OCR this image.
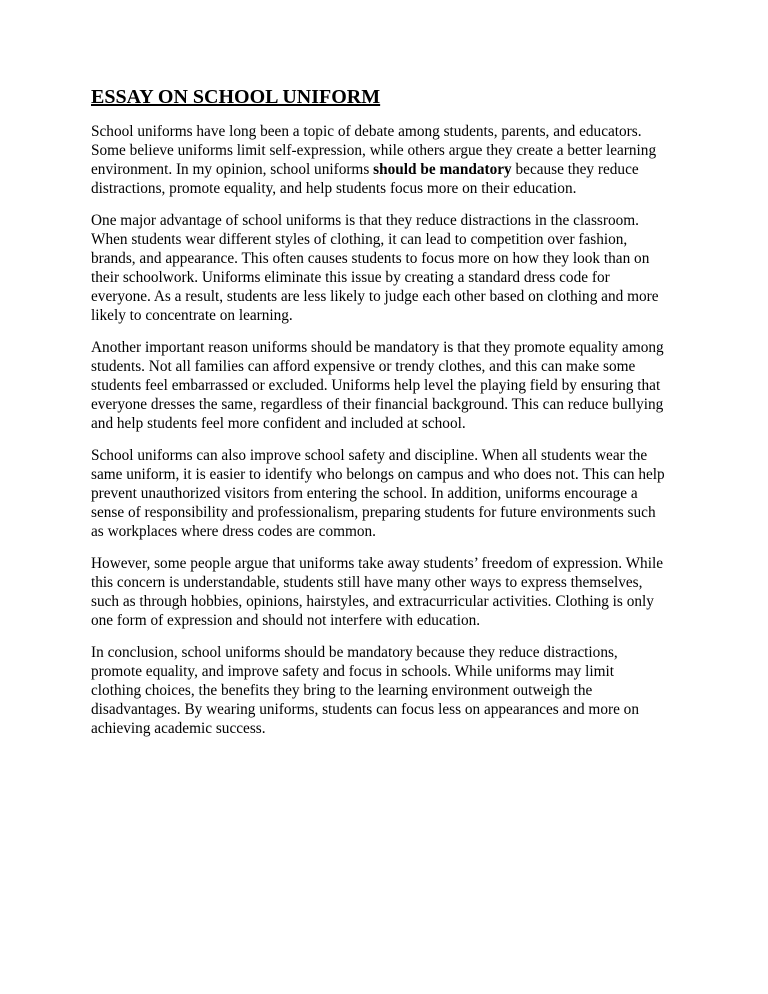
ESSAY ON SCHOOL UNIFORM

School uniforms have long been a topic of debate among students, parents, and educators.
Some believe uniforms limit self-expression, while others argue they create a better learning
environment. In my opinion, school uniforms should be mandatory because they reduce
distractions, promote equality, and help students focus more on their education.

One major advantage of school uniforms is that they reduce distractions in the classroom.
When students wear different styles of clothing, it can lead to competition over fashion,
brands, and appearance. This often causes students to focus more on how they look than on
their schoolwork. Uniforms eliminate this issue by creating a standard dress code for
everyone. As a result, students are less likely to judge each other based on clothing and more
likely to concentrate on learning.

Another important reason uniforms should be mandatory is that they promote equality among
students. Not all families can afford expensive or trendy clothes, and this can make some
students feel embarrassed or excluded. Uniforms help level the playing field by ensuring that
everyone dresses the same, regardless of their financial background. This can reduce bullying
and help students feel more confident and included at school.

School uniforms can also improve school safety and discipline. When all students wear the
same uniform, it is easier to identify who belongs on campus and who does not. This can help
prevent unauthorized visitors from entering the school. In addition, uniforms encourage a
sense of responsibility and professionalism, preparing students for future environments such
as workplaces where dress codes are common.

However, some people argue that uniforms take away students’ freedom of expression. While
this concern is understandable, students still have many other ways to express themselves,
such as through hobbies, opinions, hairstyles, and extracurricular activities. Clothing is only
one form of expression and should not interfere with education.

In conclusion, school uniforms should be mandatory because they reduce distractions,
promote equality, and improve safety and focus in schools. While uniforms may limit
clothing choices, the benefits they bring to the learning environment outweigh the
disadvantages. By wearing uniforms, students can focus less on appearances and more on
achieving academic success.
